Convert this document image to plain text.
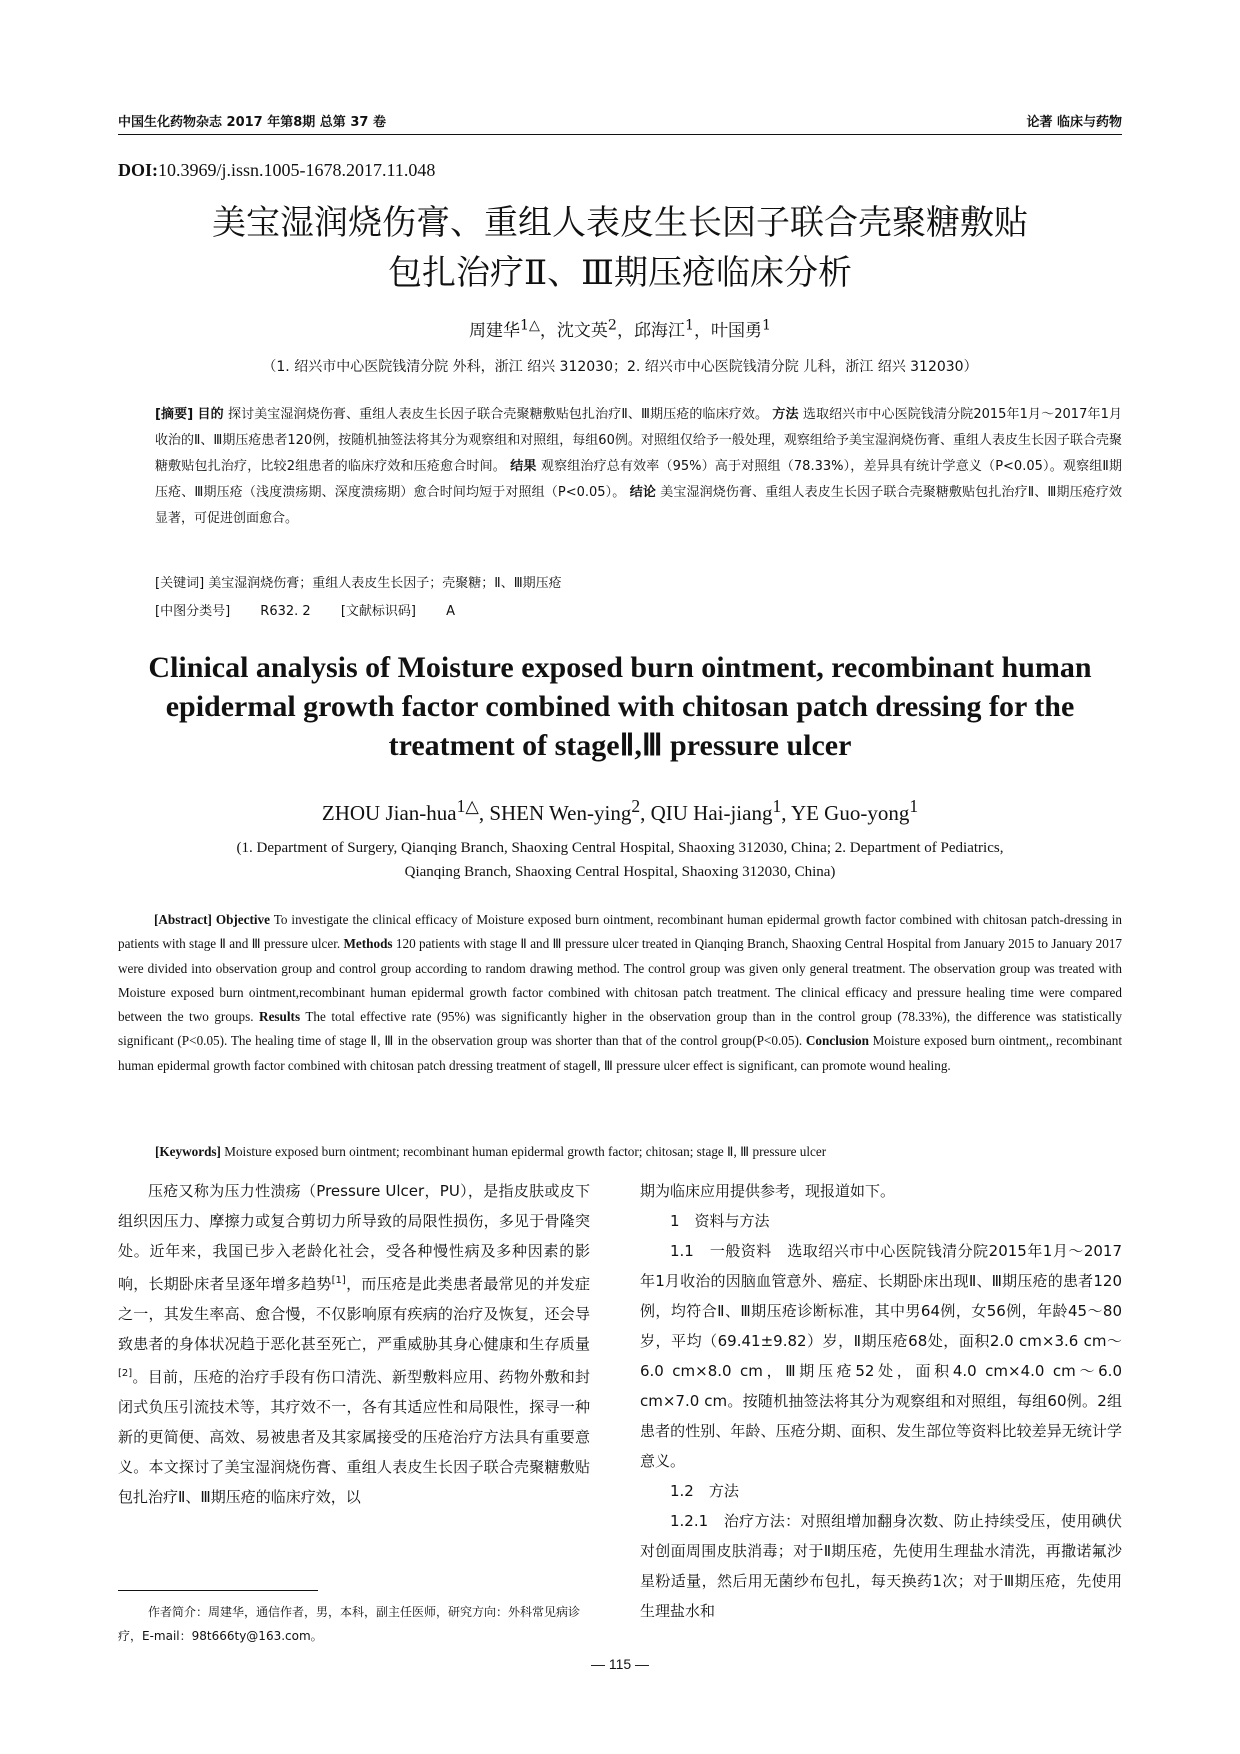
中国生化药物杂志 2017 年第8期 总第 37 卷	论著 临床与药物
DOI:10.3969/j.issn.1005-1678.2017.11.048
美宝湿润烧伤膏、重组人表皮生长因子联合壳聚糖敷贴
包扎治疗Ⅱ、Ⅲ期压疮临床分析
周建华$^{1\triangle}$，沈文英$^2$，邱海江$^1$，叶国勇$^1$
（1. 绍兴市中心医院钱清分院 外科，浙江 绍兴 312030；2. 绍兴市中心医院钱清分院 儿科，浙江 绍兴 312030）
[摘要] 目的 探讨美宝湿润烧伤膏、重组人表皮生长因子联合壳聚糖敷贴包扎治疗Ⅱ、Ⅲ期压疮的临床疗效。 方法 选取绍兴市中心医院钱清分院2015年1月～2017年1月收治的Ⅱ、Ⅲ期压疮患者120例，按随机抽签法将其分为观察组和对照组，每组60例。对照组仅给予一般处理，观察组给予美宝湿润烧伤膏、重组人表皮生长因子联合壳聚糖敷贴包扎治疗，比较2组患者的临床疗效和压疮愈合时间。 结果 观察组治疗总有效率（95%）高于对照组（78.33%），差异具有统计学意义（P<0.05）。观察组Ⅱ期压疮、Ⅲ期压疮（浅度溃疡期、深度溃疡期）愈合时间均短于对照组（P<0.05）。 结论 美宝湿润烧伤膏、重组人表皮生长因子联合壳聚糖敷贴包扎治疗Ⅱ、Ⅲ期压疮疗效显著，可促进创面愈合。
[关键词] 美宝湿润烧伤膏；重组人表皮生长因子；壳聚糖；Ⅱ、Ⅲ期压疮
[中图分类号] R632. 2 [文献标识码] A
Clinical analysis of Moisture exposed burn ointment, recombinant human
epidermal growth factor combined with chitosan patch dressing for the
treatment of stageⅡ,Ⅲ pressure ulcer
ZHOU Jian-hua$^{1\triangle}$, SHEN Wen-ying$^2$, QIU Hai-jiang$^1$, YE Guo-yong$^1$
(1. Department of Surgery, Qianqing Branch, Shaoxing Central Hospital, Shaoxing 312030, China; 2. Department of Pediatrics,
Qianqing Branch, Shaoxing Central Hospital, Shaoxing 312030, China)
[Abstract] Objective To investigate the clinical efficacy of Moisture exposed burn ointment, recombinant human epidermal growth factor combined with chitosan patch-dressing in patients with stage Ⅱ and Ⅲ pressure ulcer. Methods 120 patients with stage Ⅱ and Ⅲ pressure ulcer treated in Qianqing Branch, Shaoxing Central Hospital from January 2015 to January 2017 were divided into observation group and control group according to random drawing method. The control group was given only general treatment. The observation group was treated with Moisture exposed burn ointment,recombinant human epidermal growth factor combined with chitosan patch treatment. The clinical efficacy and pressure healing time were compared between the two groups. Results The total effective rate (95%) was significantly higher in the observation group than in the control group (78.33%), the difference was statistically significant (P<0.05). The healing time of stage Ⅱ, Ⅲ in the observation group was shorter than that of the control group(P<0.05). Conclusion Moisture exposed burn ointment,, recombinant human epidermal growth factor combined with chitosan patch dressing treatment of stageⅡ, Ⅲ pressure ulcer effect is significant, can promote wound healing.
[Keywords] Moisture exposed burn ointment; recombinant human epidermal growth factor; chitosan; stage Ⅱ, Ⅲ pressure ulcer

压疮又称为压力性溃疡（Pressure Ulcer，PU），是指皮肤或皮下组织因压力、摩擦力或复合剪切力所导致的局限性损伤，多见于骨隆突处。近年来，我国已步入老龄化社会，受各种慢性病及多种因素的影响，长期卧床者呈逐年增多趋势[1]，而压疮是此类患者最常见的并发症之一，其发生率高、愈合慢，不仅影响原有疾病的治疗及恢复，还会导致患者的身体状况趋于恶化甚至死亡，严重威胁其身心健康和生存质量[2]。目前，压疮的治疗手段有伤口清洗、新型敷料应用、药物外敷和封闭式负压引流技术等，其疗效不一，各有其适应性和局限性，探寻一种新的更简便、高效、易被患者及其家属接受的压疮治疗方法具有重要意义。本文探讨了美宝湿润烧伤膏、重组人表皮生长因子联合壳聚糖敷贴包扎治疗Ⅱ、Ⅲ期压疮的临床疗效，以

期为临床应用提供参考，现报道如下。

1　资料与方法

1.1　一般资料　选取绍兴市中心医院钱清分院2015年1月～2017年1月收治的因脑血管意外、癌症、长期卧床出现Ⅱ、Ⅲ期压疮的患者120例，均符合Ⅱ、Ⅲ期压疮诊断标准，其中男64例，女56例，年龄45～80岁，平均（69.41±9.82）岁，Ⅱ期压疮68处，面积2.0 cm×3.6 cm～6.0 cm×8.0 cm，Ⅲ期压疮52处，面积4.0 cm×4.0 cm～6.0 cm×7.0 cm。按随机抽签法将其分为观察组和对照组，每组60例。2组患者的性别、年龄、压疮分期、面积、发生部位等资料比较差异无统计学意义。

1.2　方法

1.2.1　治疗方法：对照组增加翻身次数、防止持续受压，使用碘伏对创面周围皮肤消毒；对于Ⅱ期压疮，先使用生理盐水清洗，再撒诺氟沙星粉适量，然后用无菌纱布包扎，每天换药1次；对于Ⅲ期压疮，先使用生理盐水和

作者简介：周建华，通信作者，男，本科，副主任医师，研究方向：外科常见病诊疗，E-mail：98t666ty@163.com。
— 115 —
